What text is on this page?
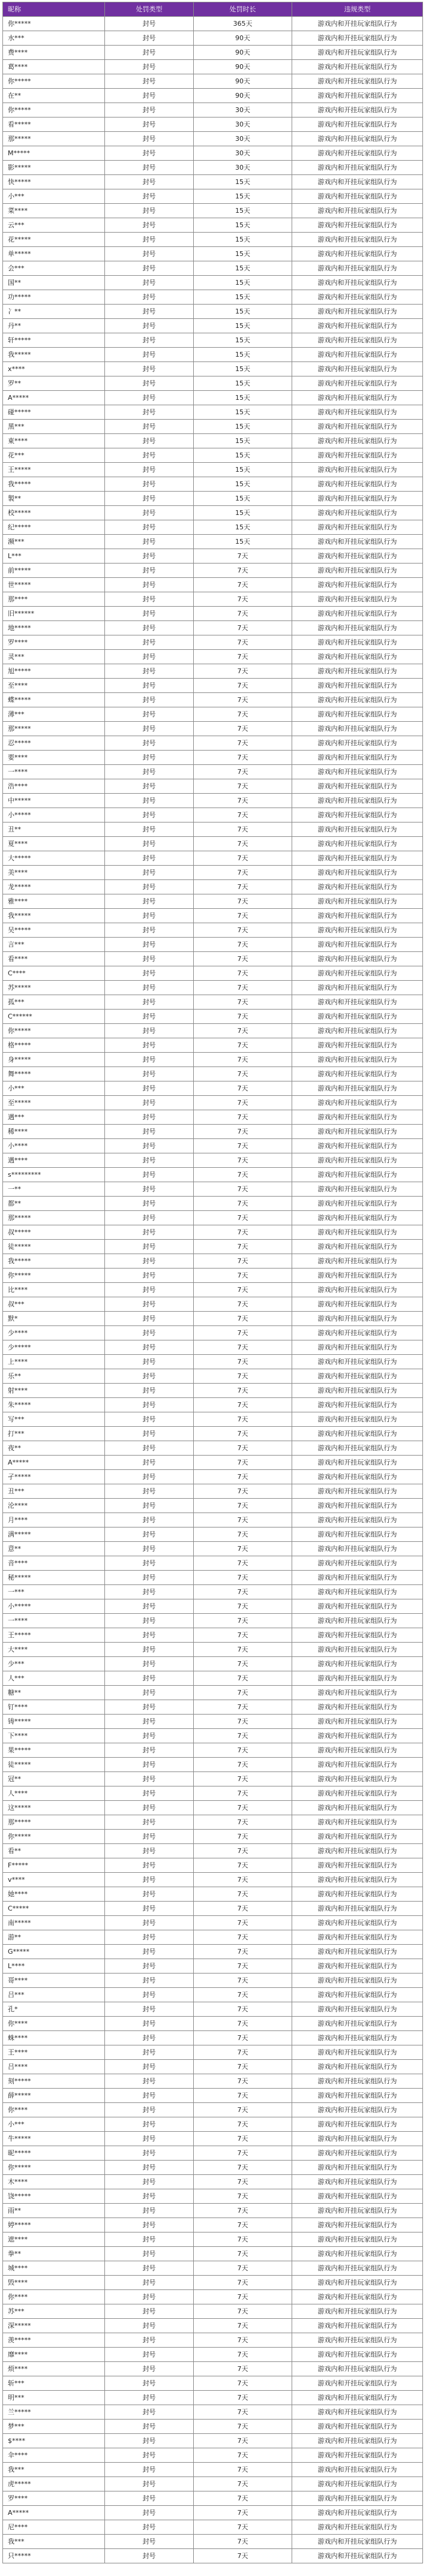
昵称	处罚类型	处罚时长	违规类型
你*****	封号	365天	游戏内和开挂玩家组队行为
水***	封号	90天	游戏内和开挂玩家组队行为
费****	封号	90天	游戏内和开挂玩家组队行为
葛****	封号	90天	游戏内和开挂玩家组队行为
你*****	封号	90天	游戏内和开挂玩家组队行为
在**	封号	90天	游戏内和开挂玩家组队行为
你*****	封号	30天	游戏内和开挂玩家组队行为
看*****	封号	30天	游戏内和开挂玩家组队行为
那*****	封号	30天	游戏内和开挂玩家组队行为
M*****	封号	30天	游戏内和开挂玩家组队行为
影*****	封号	30天	游戏内和开挂玩家组队行为
快*****	封号	15天	游戏内和开挂玩家组队行为
小***	封号	15天	游戏内和开挂玩家组队行为
菜****	封号	15天	游戏内和开挂玩家组队行为
云***	封号	15天	游戏内和开挂玩家组队行为
花*****	封号	15天	游戏内和开挂玩家组队行为
单*****	封号	15天	游戏内和开挂玩家组队行为
会***	封号	15天	游戏内和开挂玩家组队行为
国**	封号	15天	游戏内和开挂玩家组队行为
功*****	封号	15天	游戏内和开挂玩家组队行为
冫**	封号	15天	游戏内和开挂玩家组队行为
丹**	封号	15天	游戏内和开挂玩家组队行为
轩*****	封号	15天	游戏内和开挂玩家组队行为
我*****	封号	15天	游戏内和开挂玩家组队行为
x****	封号	15天	游戏内和开挂玩家组队行为
罗**	封号	15天	游戏内和开挂玩家组队行为
A*****	封号	15天	游戏内和开挂玩家组队行为
碰*****	封号	15天	游戏内和开挂玩家组队行为
黑***	封号	15天	游戏内和开挂玩家组队行为
東****	封号	15天	游戏内和开挂玩家组队行为
花***	封号	15天	游戏内和开挂玩家组队行为
王*****	封号	15天	游戏内和开挂玩家组队行为
我*****	封号	15天	游戏内和开挂玩家组队行为
製**	封号	15天	游戏内和开挂玩家组队行为
校*****	封号	15天	游戏内和开挂玩家组队行为
纪*****	封号	15天	游戏内和开挂玩家组队行为
濒***	封号	15天	游戏内和开挂玩家组队行为
L***	封号	7天	游戏内和开挂玩家组队行为
前*****	封号	7天	游戏内和开挂玩家组队行为
世*****	封号	7天	游戏内和开挂玩家组队行为
那****	封号	7天	游戏内和开挂玩家组队行为
旧******	封号	7天	游戏内和开挂玩家组队行为
地*****	封号	7天	游戏内和开挂玩家组队行为
罗****	封号	7天	游戏内和开挂玩家组队行为
灵***	封号	7天	游戏内和开挂玩家组队行为
旭*****	封号	7天	游戏内和开挂玩家组队行为
至****	封号	7天	游戏内和开挂玩家组队行为
蝶*****	封号	7天	游戏内和开挂玩家组队行为
薄***	封号	7天	游戏内和开挂玩家组队行为
那*****	封号	7天	游戏内和开挂玩家组队行为
忍*****	封号	7天	游戏内和开挂玩家组队行为
要****	封号	7天	游戏内和开挂玩家组队行为
一****	封号	7天	游戏内和开挂玩家组队行为
浩****	封号	7天	游戏内和开挂玩家组队行为
中*****	封号	7天	游戏内和开挂玩家组队行为
小*****	封号	7天	游戏内和开挂玩家组队行为
丑**	封号	7天	游戏内和开挂玩家组队行为
夏****	封号	7天	游戏内和开挂玩家组队行为
大*****	封号	7天	游戏内和开挂玩家组队行为
美****	封号	7天	游戏内和开挂玩家组队行为
龙*****	封号	7天	游戏内和开挂玩家组队行为
雅****	封号	7天	游戏内和开挂玩家组队行为
我*****	封号	7天	游戏内和开挂玩家组队行为
吴*****	封号	7天	游戏内和开挂玩家组队行为
言***	封号	7天	游戏内和开挂玩家组队行为
看****	封号	7天	游戏内和开挂玩家组队行为
C****	封号	7天	游戏内和开挂玩家组队行为
苏*****	封号	7天	游戏内和开挂玩家组队行为
孤***	封号	7天	游戏内和开挂玩家组队行为
C******	封号	7天	游戏内和开挂玩家组队行为
你*****	封号	7天	游戏内和开挂玩家组队行为
格*****	封号	7天	游戏内和开挂玩家组队行为
身*****	封号	7天	游戏内和开挂玩家组队行为
舞*****	封号	7天	游戏内和开挂玩家组队行为
小***	封号	7天	游戏内和开挂玩家组队行为
至*****	封号	7天	游戏内和开挂玩家组队行为
遇***	封号	7天	游戏内和开挂玩家组队行为
稀****	封号	7天	游戏内和开挂玩家组队行为
小****	封号	7天	游戏内和开挂玩家组队行为
遇****	封号	7天	游戏内和开挂玩家组队行为
s*********	封号	7天	游戏内和开挂玩家组队行为
一**	封号	7天	游戏内和开挂玩家组队行为
都**	封号	7天	游戏内和开挂玩家组队行为
那*****	封号	7天	游戏内和开挂玩家组队行为
叔*****	封号	7天	游戏内和开挂玩家组队行为
徒*****	封号	7天	游戏内和开挂玩家组队行为
我*****	封号	7天	游戏内和开挂玩家组队行为
你*****	封号	7天	游戏内和开挂玩家组队行为
比****	封号	7天	游戏内和开挂玩家组队行为
叔***	封号	7天	游戏内和开挂玩家组队行为
默*	封号	7天	游戏内和开挂玩家组队行为
少****	封号	7天	游戏内和开挂玩家组队行为
少*****	封号	7天	游戏内和开挂玩家组队行为
上****	封号	7天	游戏内和开挂玩家组队行为
乐**	封号	7天	游戏内和开挂玩家组队行为
射****	封号	7天	游戏内和开挂玩家组队行为
朱*****	封号	7天	游戏内和开挂玩家组队行为
写***	封号	7天	游戏内和开挂玩家组队行为
打***	封号	7天	游戏内和开挂玩家组队行为
夜**	封号	7天	游戏内和开挂玩家组队行为
A*****	封号	7天	游戏内和开挂玩家组队行为
孑*****	封号	7天	游戏内和开挂玩家组队行为
丑***	封号	7天	游戏内和开挂玩家组队行为
沦****	封号	7天	游戏内和开挂玩家组队行为
月****	封号	7天	游戏内和开挂玩家组队行为
满*****	封号	7天	游戏内和开挂玩家组队行为
意**	封号	7天	游戏内和开挂玩家组队行为
音****	封号	7天	游戏内和开挂玩家组队行为
秘*****	封号	7天	游戏内和开挂玩家组队行为
一***	封号	7天	游戏内和开挂玩家组队行为
小*****	封号	7天	游戏内和开挂玩家组队行为
一****	封号	7天	游戏内和开挂玩家组队行为
王*****	封号	7天	游戏内和开挂玩家组队行为
大****	封号	7天	游戏内和开挂玩家组队行为
少***	封号	7天	游戏内和开挂玩家组队行为
人***	封号	7天	游戏内和开挂玩家组队行为
糖**	封号	7天	游戏内和开挂玩家组队行为
钉****	封号	7天	游戏内和开挂玩家组队行为
铸*****	封号	7天	游戏内和开挂玩家组队行为
下****	封号	7天	游戏内和开挂玩家组队行为
果*****	封号	7天	游戏内和开挂玩家组队行为
徒*****	封号	7天	游戏内和开挂玩家组队行为
冠**	封号	7天	游戏内和开挂玩家组队行为
人****	封号	7天	游戏内和开挂玩家组队行为
这*****	封号	7天	游戏内和开挂玩家组队行为
那*****	封号	7天	游戏内和开挂玩家组队行为
你*****	封号	7天	游戏内和开挂玩家组队行为
看**	封号	7天	游戏内和开挂玩家组队行为
F*****	封号	7天	游戏内和开挂玩家组队行为
v****	封号	7天	游戏内和开挂玩家组队行为
她****	封号	7天	游戏内和开挂玩家组队行为
C*****	封号	7天	游戏内和开挂玩家组队行为
南*****	封号	7天	游戏内和开挂玩家组队行为
游**	封号	7天	游戏内和开挂玩家组队行为
G*****	封号	7天	游戏内和开挂玩家组队行为
L****	封号	7天	游戏内和开挂玩家组队行为
哥****	封号	7天	游戏内和开挂玩家组队行为
吕***	封号	7天	游戏内和开挂玩家组队行为
孔*	封号	7天	游戏内和开挂玩家组队行为
你****	封号	7天	游戏内和开挂玩家组队行为
蛛****	封号	7天	游戏内和开挂玩家组队行为
王****	封号	7天	游戏内和开挂玩家组队行为
吕****	封号	7天	游戏内和开挂玩家组队行为
刻*****	封号	7天	游戏内和开挂玩家组队行为
薛*****	封号	7天	游戏内和开挂玩家组队行为
你****	封号	7天	游戏内和开挂玩家组队行为
小***	封号	7天	游戏内和开挂玩家组队行为
牛*****	封号	7天	游戏内和开挂玩家组队行为
昵*****	封号	7天	游戏内和开挂玩家组队行为
你*****	封号	7天	游戏内和开挂玩家组队行为
木****	封号	7天	游戏内和开挂玩家组队行为
饶*****	封号	7天	游戏内和开挂玩家组队行为
雨**	封号	7天	游戏内和开挂玩家组队行为
婷*****	封号	7天	游戏内和开挂玩家组队行为
遮****	封号	7天	游戏内和开挂玩家组队行为
拳**	封号	7天	游戏内和开挂玩家组队行为
城****	封号	7天	游戏内和开挂玩家组队行为
毁****	封号	7天	游戏内和开挂玩家组队行为
你****	封号	7天	游戏内和开挂玩家组队行为
苏***	封号	7天	游戏内和开挂玩家组队行为
深*****	封号	7天	游戏内和开挂玩家组队行为
羡*****	封号	7天	游戏内和开挂玩家组队行为
靡****	封号	7天	游戏内和开挂玩家组队行为
烦****	封号	7天	游戏内和开挂玩家组队行为
斩***	封号	7天	游戏内和开挂玩家组队行为
明***	封号	7天	游戏内和开挂玩家组队行为
兰*****	封号	7天	游戏内和开挂玩家组队行为
梦***	封号	7天	游戏内和开挂玩家组队行为
$****	封号	7天	游戏内和开挂玩家组队行为
伞****	封号	7天	游戏内和开挂玩家组队行为
我***	封号	7天	游戏内和开挂玩家组队行为
虎*****	封号	7天	游戏内和开挂玩家组队行为
罗****	封号	7天	游戏内和开挂玩家组队行为
A*****	封号	7天	游戏内和开挂玩家组队行为
尼****	封号	7天	游戏内和开挂玩家组队行为
我***	封号	7天	游戏内和开挂玩家组队行为
只*****	封号	7天	游戏内和开挂玩家组队行为
